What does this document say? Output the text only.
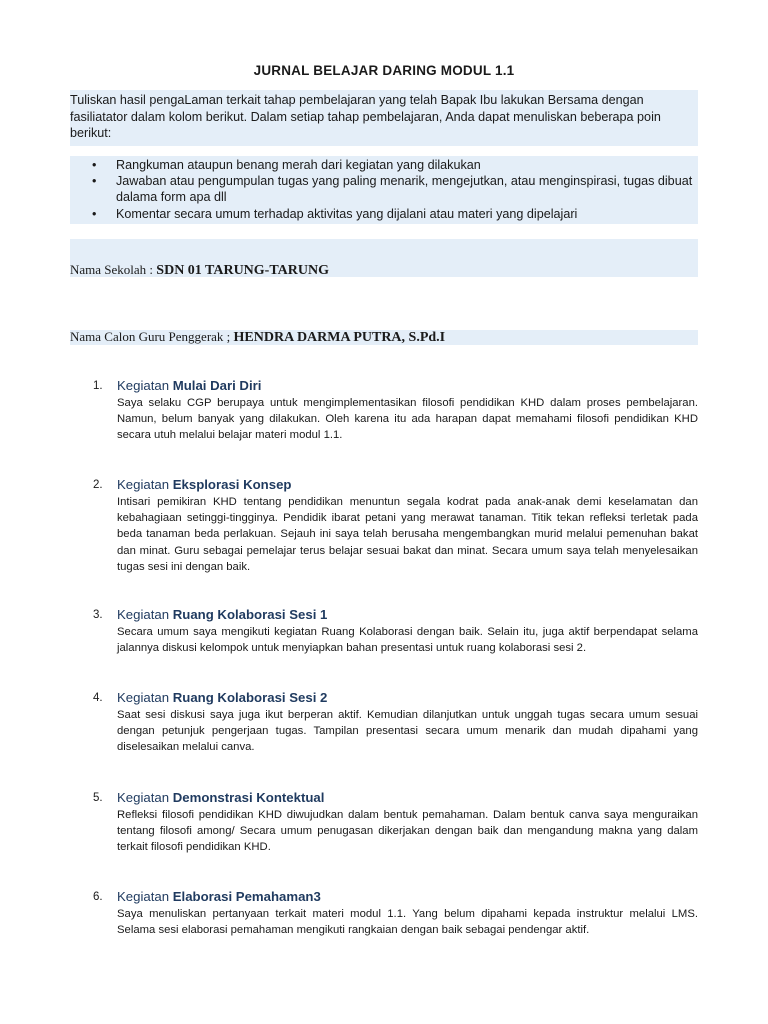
JURNAL BELAJAR DARING MODUL 1.1

Tuliskan hasil pengaLaman terkait tahap pembelajaran yang telah Bapak Ibu lakukan Bersama dengan fasiliatator dalam kolom berikut. Dalam setiap tahap pembelajaran, Anda dapat menuliskan beberapa poin berikut:

• Rangkuman ataupun benang merah dari kegiatan yang dilakukan
• Jawaban atau pengumpulan tugas yang paling menarik, mengejutkan, atau menginspirasi, tugas dibuat dalama form apa dll
• Komentar secara umum terhadap aktivitas yang dijalani atau materi yang dipelajari
Nama Sekolah : SDN 01 TARUNG-TARUNG
Nama Calon Guru Penggerak ; HENDRA DARMA PUTRA, S.Pd.I
1. Kegiatan Mulai Dari Diri

Saya selaku CGP berupaya untuk mengimplementasikan filosofi pendidikan KHD dalam proses pembelajaran. Namun, belum banyak yang dilakukan. Oleh karena itu ada harapan dapat memahami filosofi pendidikan KHD secara utuh melalui belajar materi modul 1.1.

2. Kegiatan Eksplorasi Konsep

Intisari pemikiran KHD tentang pendidikan menuntun segala kodrat pada anak-anak demi keselamatan dan kebahagiaan setinggi-tingginya. Pendidik ibarat petani yang merawat tanaman. Titik tekan refleksi terletak pada beda tanaman beda perlakuan. Sejauh ini saya telah berusaha mengembangkan murid melalui pemenuhan bakat dan minat. Guru sebagai pemelajar terus belajar sesuai bakat dan minat. Secara umum saya telah menyelesaikan tugas sesi ini dengan baik.

3. Kegiatan Ruang Kolaborasi Sesi 1

Secara umum saya mengikuti kegiatan Ruang Kolaborasi dengan baik. Selain itu, juga aktif berpendapat selama jalannya diskusi kelompok untuk menyiapkan bahan presentasi untuk ruang kolaborasi sesi 2.

4. Kegiatan Ruang Kolaborasi Sesi 2

Saat sesi diskusi saya juga ikut berperan aktif. Kemudian dilanjutkan untuk unggah tugas secara umum sesuai dengan petunjuk pengerjaan tugas. Tampilan presentasi secara umum menarik dan mudah dipahami yang diselesaikan melalui canva.

5. Kegiatan Demonstrasi Kontektual

Refleksi filosofi pendidikan KHD diwujudkan dalam bentuk pemahaman. Dalam bentuk canva saya menguraikan tentang filosofi among/ Secara umum penugasan dikerjakan dengan baik dan mengandung makna yang dalam terkait filosofi pendidikan KHD.

6. Kegiatan Elaborasi Pemahaman3

Saya menuliskan pertanyaan terkait materi modul 1.1. Yang belum dipahami kepada instruktur melalui LMS. Selama sesi elaborasi pemahaman mengikuti rangkaian dengan baik sebagai pendengar aktif.
